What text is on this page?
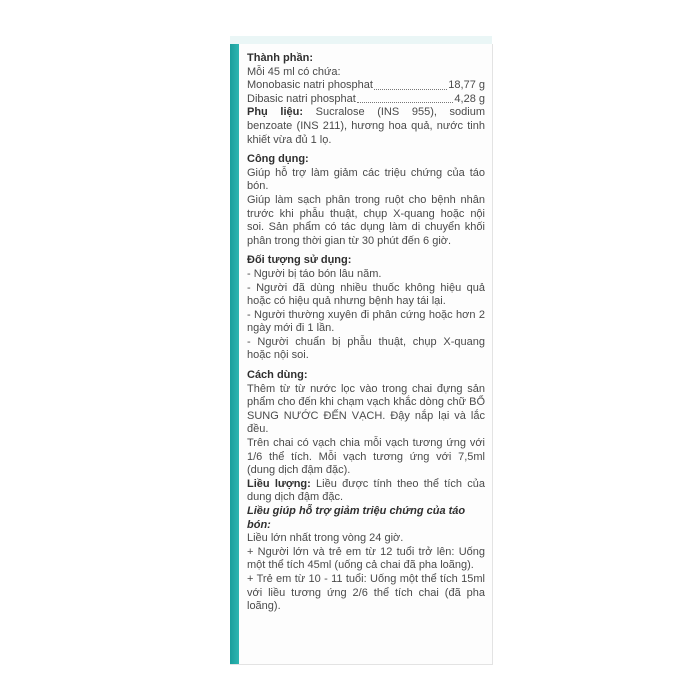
Thành phần:

Mỗi 45 ml có chứa:

Monobasic natri phosphat	18,77 g
Dibasic natri phosphat	4,28 g

Phụ liệu: Sucralose (INS 955), sodium benzoate (INS 211), hương hoa quả, nước tinh khiết vừa đủ 1 lọ.

Công dụng:

Giúp hỗ trợ làm giảm các triệu chứng của táo bón.

Giúp làm sạch phân trong ruột cho bệnh nhân trước khi phẫu thuật, chụp X-quang hoặc nội soi. Sản phẩm có tác dụng làm di chuyển khối phân trong thời gian từ 30 phút đến 6 giờ.

Đối tượng sử dụng:

- Người bị táo bón lâu năm.

- Người đã dùng nhiều thuốc không hiệu quả hoặc có hiệu quả nhưng bệnh hay tái lại.

- Người thường xuyên đi phân cứng hoặc hơn 2 ngày mới đi 1 lần.

- Người chuẩn bị phẫu thuật, chụp X-quang hoặc nội soi.

Cách dùng:

Thêm từ từ nước lọc vào trong chai đựng sản phẩm cho đến khi chạm vạch khắc dòng chữ BỔ SUNG NƯỚC ĐẾN VẠCH. Đậy nắp lại và lắc đều.

Trên chai có vạch chia mỗi vạch tương ứng với 1/6 thể tích. Mỗi vạch tương ứng với 7,5ml (dung dịch đậm đặc).

Liều lượng: Liều được tính theo thể tích của dung dịch đậm đặc.

Liều giúp hỗ trợ giảm triệu chứng của táo bón:

Liều lớn nhất trong vòng 24 giờ.

+ Người lớn và trẻ em từ 12 tuổi trở lên: Uống một thể tích 45ml (uống cả chai đã pha loãng).

+ Trẻ em từ 10 - 11 tuổi: Uống một thể tích 15ml với liều tương ứng 2/6 thể tích chai (đã pha loãng).
